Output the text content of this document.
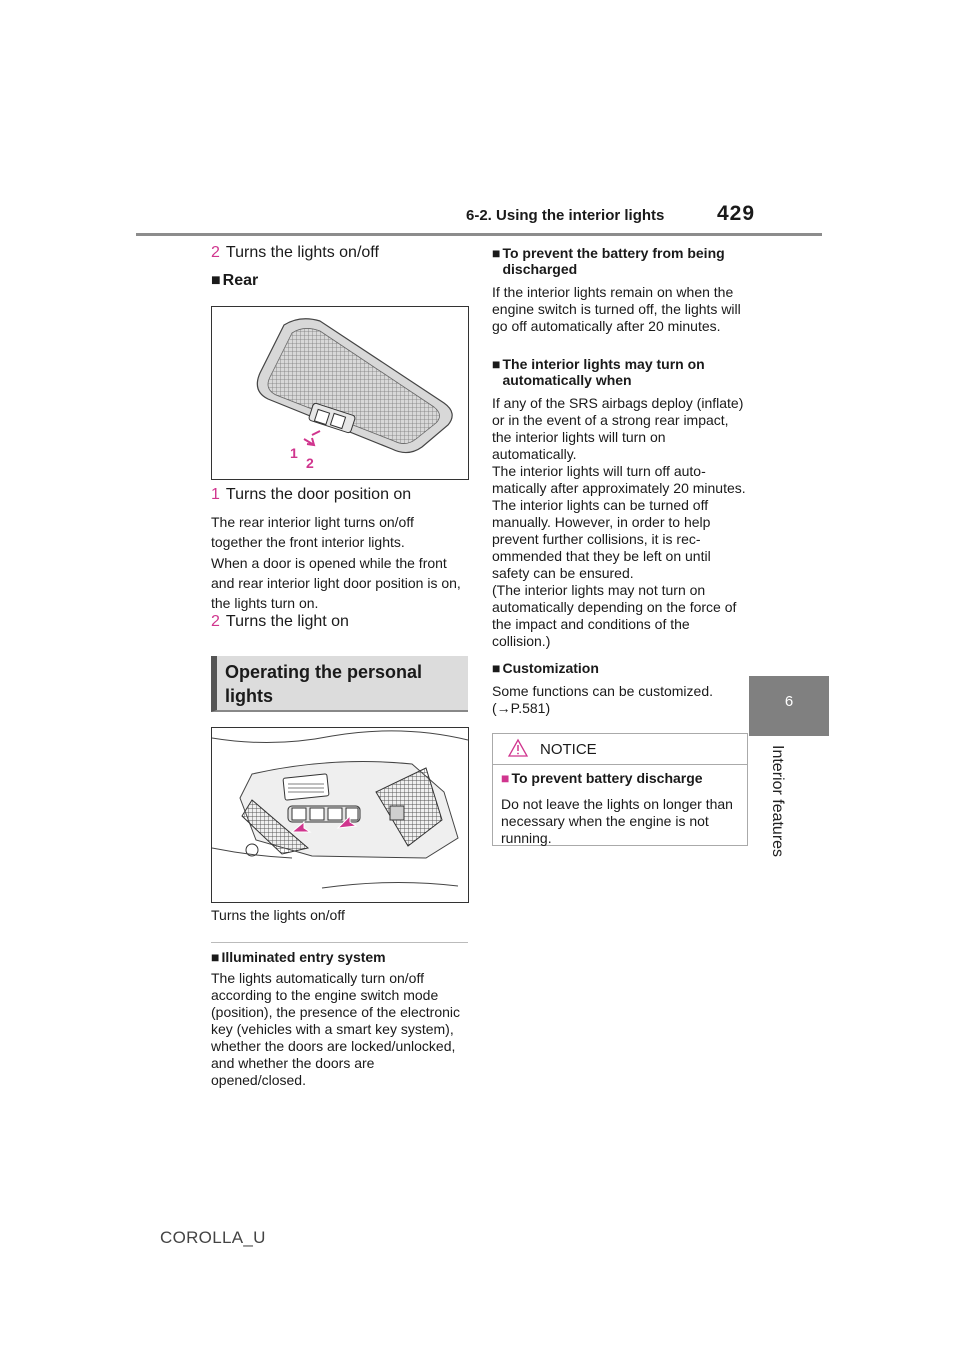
6-2. Using the interior lights	429
6
Interior features
2 Turns the lights on/off
■ Rear
1
2
1 Turns the door position on
The rear interior light turns on/off together the front interior lights.
When a door is opened while the front and rear interior light door position is on, the lights turn on.
2 Turns the light on
Operating the personal
lights
Turns the lights on/off
■ Illuminated entry system
The lights automatically turn on/off according to the engine switch mode (position), the presence of the electronic key (vehicles with a smart key system), whether the doors are locked/unlocked, and whether the doors are opened/closed.
■ To prevent the battery from being discharged
If the interior lights remain on when the engine switch is turned off, the lights will go off automatically after 20 minutes.
■ The interior lights may turn on automatically when
If any of the SRS airbags deploy (inflate) or in the event of a strong rear impact, the interior lights will turn on automatically.
The interior lights will turn off auto-matically after approximately 20 minutes.
The interior lights can be turned off manually. However, in order to help prevent further collisions, it is rec-ommended that they be left on until safety can be ensured.
(The interior lights may not turn on automatically depending on the force of the impact and conditions of the collision.)
■ Customization
Some functions can be customized. (→P.581)
NOTICE
■ To prevent battery discharge
Do not leave the lights on longer than necessary when the engine is not running.
COROLLA_U
